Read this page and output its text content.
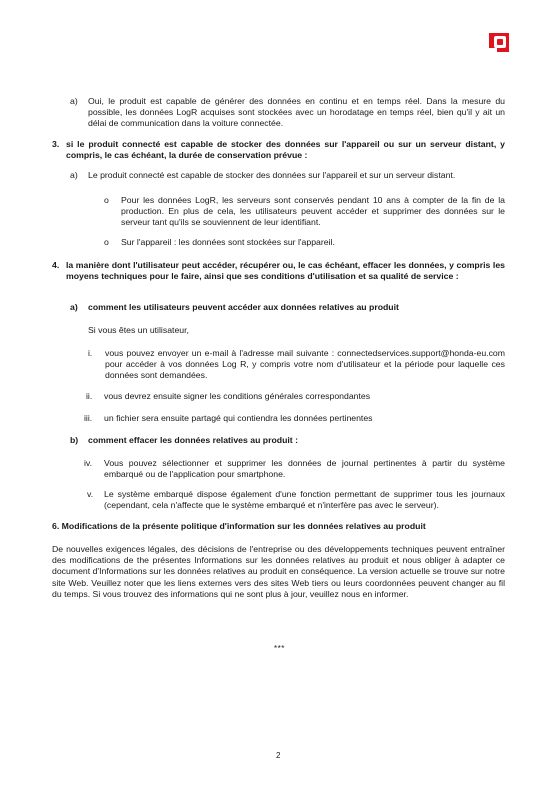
a) Oui, le produit est capable de générer des données en continu et en temps réel. Dans la mesure du possible, les données LogR acquises sont stockées avec un horodatage en temps réel, bien qu'il y ait un délai de communication dans la voiture connectée.

3. si le produit connecté est capable de stocker des données sur l'appareil ou sur un serveur distant, y compris, le cas échéant, la durée de conservation prévue :

a) Le produit connecté est capable de stocker des données sur l'appareil et sur un serveur distant.

o Pour les données LogR, les serveurs sont conservés pendant 10 ans à compter de la fin de la production. En plus de cela, les utilisateurs peuvent accéder et supprimer des données sur le serveur tant qu'ils se souviennent de leur identifiant.

o Sur l'appareil : les données sont stockées sur l'appareil.

4. la manière dont l'utilisateur peut accéder, récupérer ou, le cas échéant, effacer les données, y compris les moyens techniques pour le faire, ainsi que ses conditions d'utilisation et sa qualité de service :

a) comment les utilisateurs peuvent accéder aux données relatives au produit

Si vous êtes un utilisateur,

i. vous pouvez envoyer un e-mail à l'adresse mail suivante : connectedservices.support@honda-eu.com pour accéder à vos données Log R, y compris votre nom d'utilisateur et la période pour laquelle ces données sont demandées.

ii. vous devrez ensuite signer les conditions générales correspondantes

iii. un fichier sera ensuite partagé qui contiendra les données pertinentes

b) comment effacer les données relatives au produit :

iv. Vous pouvez sélectionner et supprimer les données de journal pertinentes à partir du système embarqué ou de l'application pour smartphone.

v. Le système embarqué dispose également d'une fonction permettant de supprimer tous les journaux (cependant, cela n'affecte que le système embarqué et n'interfère pas avec le serveur).

6. Modifications de la présente politique d'information sur les données relatives au produit

De nouvelles exigences légales, des décisions de l'entreprise ou des développements techniques peuvent entraîner des modifications de the présentes Informations sur les données relatives au produit et nous obliger à adapter ce document d'Informations sur les données relatives au produit en conséquence. La version actuelle se trouve sur notre site Web. Veuillez noter que les liens externes vers des sites Web tiers ou leurs coordonnées peuvent changer au fil du temps. Si vous trouvez des informations qui ne sont plus à jour, veuillez nous en informer.

***
2
